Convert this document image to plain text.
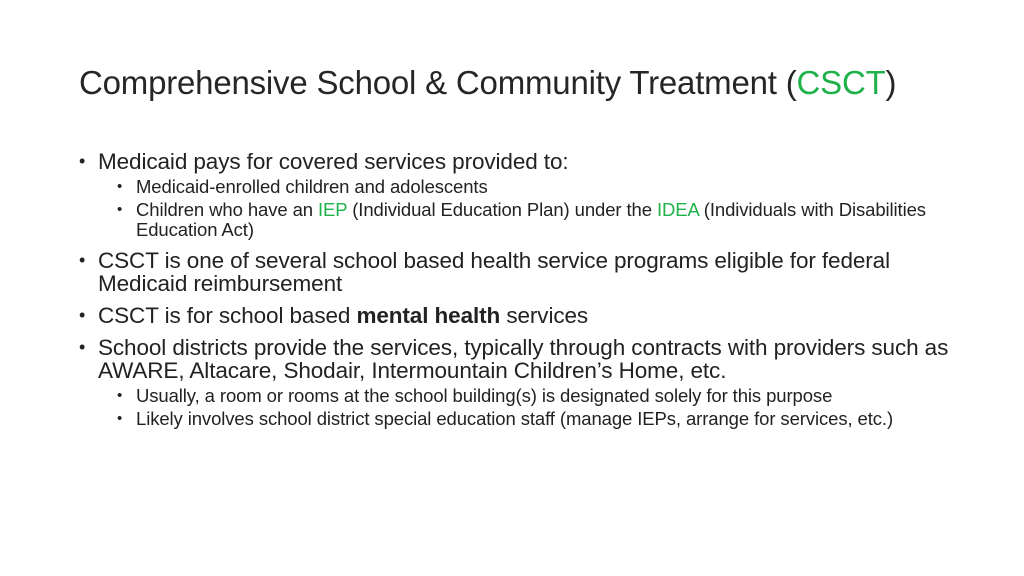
Comprehensive School & Community Treatment (CSCT)
• Medicaid pays for covered services provided to:
• Medicaid-enrolled children and adolescents
• Children who have an IEP (Individual Education Plan) under the IDEA (Individuals with Disabilities Education Act)
• CSCT is one of several school based health service programs eligible for federal Medicaid reimbursement
• CSCT is for school based mental health services
• School districts provide the services, typically through contracts with providers such as AWARE, Altacare, Shodair, Intermountain Children’s Home, etc.
• Usually, a room or rooms at the school building(s) is designated solely for this purpose
• Likely involves school district special education staff (manage IEPs, arrange for services, etc.)
